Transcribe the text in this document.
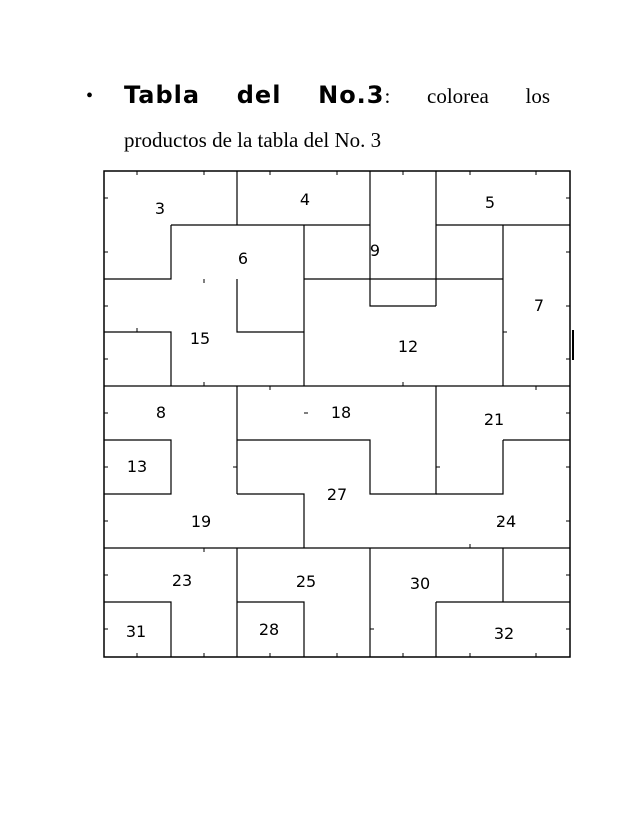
• Tabla del No.3: colorea los
productos de la tabla del No. 3
3	4	5
6	9
7
15	12
8	18	21
13
27
19	24
23	25	30
31	28	32
